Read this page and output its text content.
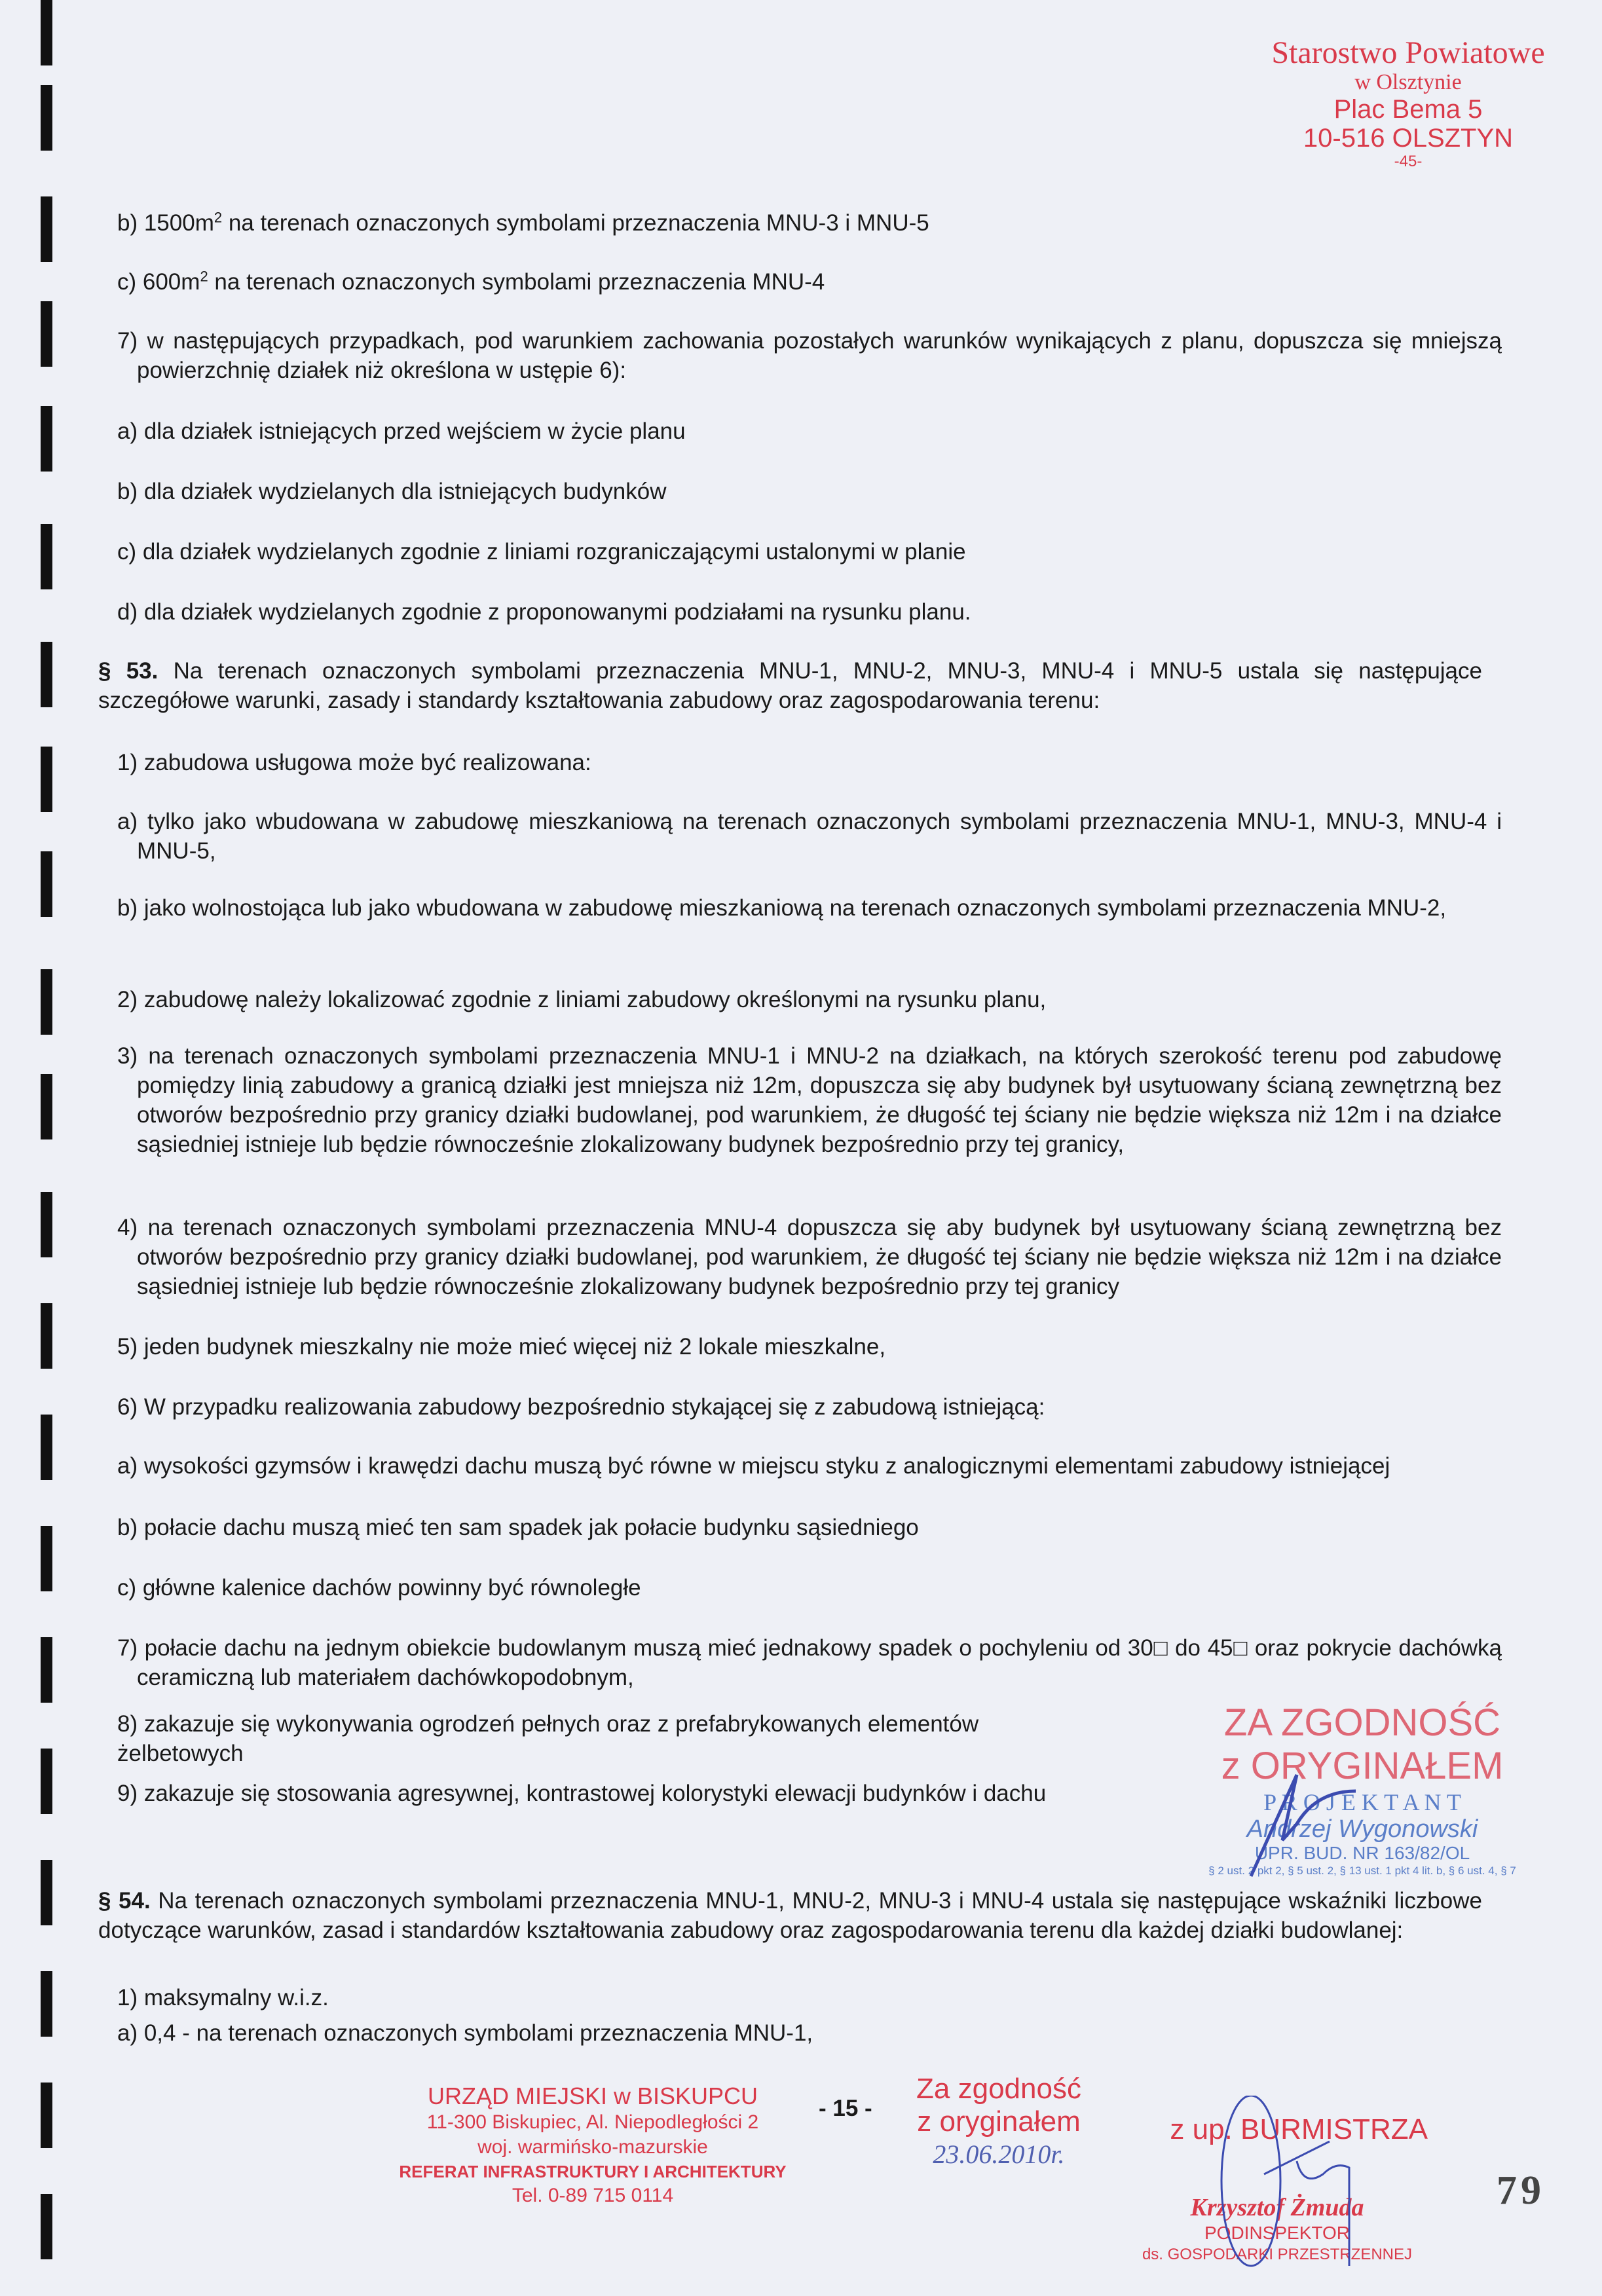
Starostwo Powiatowe
w Olsztynie
Plac Bema 5
10-516 OLSZTYN
-45-
b) $1500m^2$ na terenach oznaczonych symbolami przeznaczenia MNU-3 i MNU-5
c) $600m^2$ na terenach oznaczonych symbolami przeznaczenia MNU-4
7) w następujących przypadkach, pod warunkiem zachowania pozostałych warunków wynikających z planu, dopuszcza się mniejszą powierzchnię działek niż określona w ustępie 6):
a) dla działek istniejących przed wejściem w życie planu
b) dla działek wydzielanych dla istniejących budynków
c) dla działek wydzielanych zgodnie z liniami rozgraniczającymi ustalonymi w planie
d) dla działek wydzielanych zgodnie z proponowanymi podziałami na rysunku planu.
§ 53. Na terenach oznaczonych symbolami przeznaczenia MNU-1, MNU-2, MNU-3, MNU-4 i MNU-5 ustala się następujące szczegółowe warunki, zasady i standardy kształtowania zabudowy oraz zagospodarowania terenu:
1) zabudowa usługowa może być realizowana:
a) tylko jako wbudowana w zabudowę mieszkaniową na terenach oznaczonych symbolami przeznaczenia MNU-1, MNU-3, MNU-4 i MNU-5,
b) jako wolnostojąca lub jako wbudowana w zabudowę mieszkaniową na terenach oznaczonych symbolami przeznaczenia MNU-2,
2) zabudowę należy lokalizować zgodnie z liniami zabudowy określonymi na rysunku planu,
3) na terenach oznaczonych symbolami przeznaczenia MNU-1 i MNU-2 na działkach, na których szerokość terenu pod zabudowę pomiędzy linią zabudowy a granicą działki jest mniejsza niż 12m, dopuszcza się aby budynek był usytuowany ścianą zewnętrzną bez otworów bezpośrednio przy granicy działki budowlanej, pod warunkiem, że długość tej ściany nie będzie większa niż 12m i na działce sąsiedniej istnieje lub będzie równocześnie zlokalizowany budynek bezpośrednio przy tej granicy,
4) na terenach oznaczonych symbolami przeznaczenia MNU-4 dopuszcza się aby budynek był usytuowany ścianą zewnętrzną bez otworów bezpośrednio przy granicy działki budowlanej, pod warunkiem, że długość tej ściany nie będzie większa niż 12m i na działce sąsiedniej istnieje lub będzie równocześnie zlokalizowany budynek bezpośrednio przy tej granicy
5) jeden budynek mieszkalny nie może mieć więcej niż 2 lokale mieszkalne,
6) W przypadku realizowania zabudowy bezpośrednio stykającej się z zabudową istniejącą:
a) wysokości gzymsów i krawędzi dachu muszą być równe w miejscu styku z analogicznymi elementami zabudowy istniejącej
b) połacie dachu muszą mieć ten sam spadek jak połacie budynku sąsiedniego
c) główne kalenice dachów powinny być równoległe
7) połacie dachu na jednym obiekcie budowlanym muszą mieć jednakowy spadek o pochyleniu od 30□ do 45□ oraz pokrycie dachówką ceramiczną lub materiałem dachówkopodobnym,
8) zakazuje się wykonywania ogrodzeń pełnych oraz z prefabrykowanych elementów żelbetowych
9) zakazuje się stosowania agresywnej, kontrastowej kolorystyki elewacji budynków i dachu
§ 54. Na terenach oznaczonych symbolami przeznaczenia MNU-1, MNU-2, MNU-3 i MNU-4 ustala się następujące wskaźniki liczbowe dotyczące warunków, zasad i standardów kształtowania zabudowy oraz zagospodarowania terenu dla każdej działki budowlanej:
1) maksymalny w.i.z.
a) 0,4 - na terenach oznaczonych symbolami przeznaczenia MNU-1,
ZA ZGODNOŚĆ
z ORYGINAŁEM
P R O J E K T A N T
Andrzej Wygonowski
UPR. BUD. NR 163/82/OL
§ 2 ust. 2 pkt 2, § 5 ust. 2, § 13 ust. 1 pkt 4 lit. b, § 6 ust. 4, § 7
- 15 -
URZĄD MIEJSKI w BISKUPCU
11-300 Biskupiec, Al. Niepodległości 2
woj. warmińsko-mazurskie
REFERAT INFRASTRUKTURY I ARCHITEKTURY
Tel. 0-89 715 0114
Za zgodność
z oryginałem
23.06.2010r.
z up. BURMISTRZA
Krzysztof Żmuda
PODINSPEKTOR
ds. GOSPODARKI PRZESTRZENNEJ
79
